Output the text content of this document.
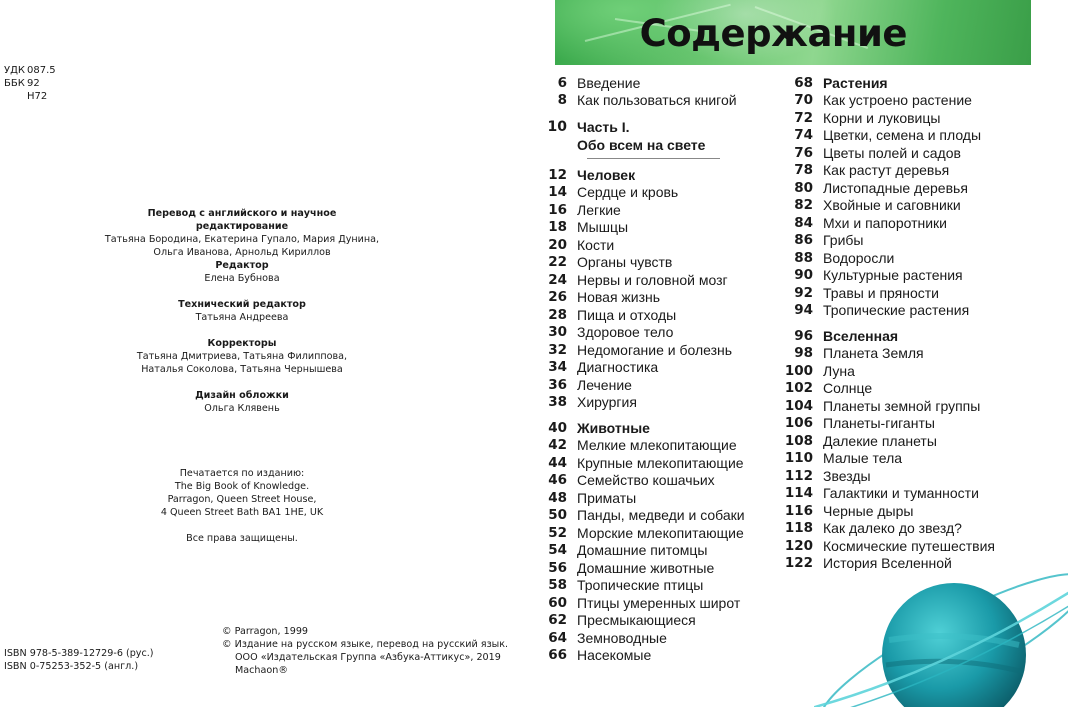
УДК 087.5
ББК 92
Н72
Перевод с английского и научное редактирование
Татьяна Бородина, Екатерина Гупало, Мария Дунина,
Ольга Иванова, Арнольд Кириллов
Редактор
Елена Бубнова
Технический редактор
Татьяна Андреева
Корректоры
Татьяна Дмитриева, Татьяна Филиппова,
Наталья Соколова, Татьяна Чернышева
Дизайн обложки
Ольга Клявень
Печатается по изданию:
The Big Book of Knowledge.
Parragon, Queen Street House,
4 Queen Street Bath BA1 1HE, UK
Все права защищены.
© Parragon, 1999
© Издание на русском языке, перевод на русский язык.
ООО «Издательская Группа «Азбука-Аттикус», 2019
Machaon®
ISBN 978-5-389-12729-6 (рус.)
ISBN 0-75253-352-5 (англ.)
Содержание
6 Введение
8 Как пользоваться книгой
10 Часть I.
Обо всем на свете
12 Человек
14 Сердце и кровь
16 Легкие
18 Мышцы
20 Кости
22 Органы чувств
24 Нервы и головной мозг
26 Новая жизнь
28 Пища и отходы
30 Здоровое тело
32 Недомогание и болезнь
34 Диагностика
36 Лечение
38 Хирургия
40 Животные
42 Мелкие млекопитающие
44 Крупные млекопитающие
46 Семейство кошачьих
48 Приматы
50 Панды, медведи и собаки
52 Морские млекопитающие
54 Домашние питомцы
56 Домашние животные
58 Тропические птицы
60 Птицы умеренных широт
62 Пресмыкающиеся
64 Земноводные
66 Насекомые
68 Растения
70 Как устроено растение
72 Корни и луковицы
74 Цветки, семена и плоды
76 Цветы полей и садов
78 Как растут деревья
80 Листопадные деревья
82 Хвойные и саговники
84 Мхи и папоротники
86 Грибы
88 Водоросли
90 Культурные растения
92 Травы и пряности
94 Тропические растения
96 Вселенная
98 Планета Земля
100 Луна
102 Солнце
104 Планеты земной группы
106 Планеты-гиганты
108 Далекие планеты
110 Малые тела
112 Звезды
114 Галактики и туманности
116 Черные дыры
118 Как далеко до звезд?
120 Космические путешествия
122 История Вселенной
